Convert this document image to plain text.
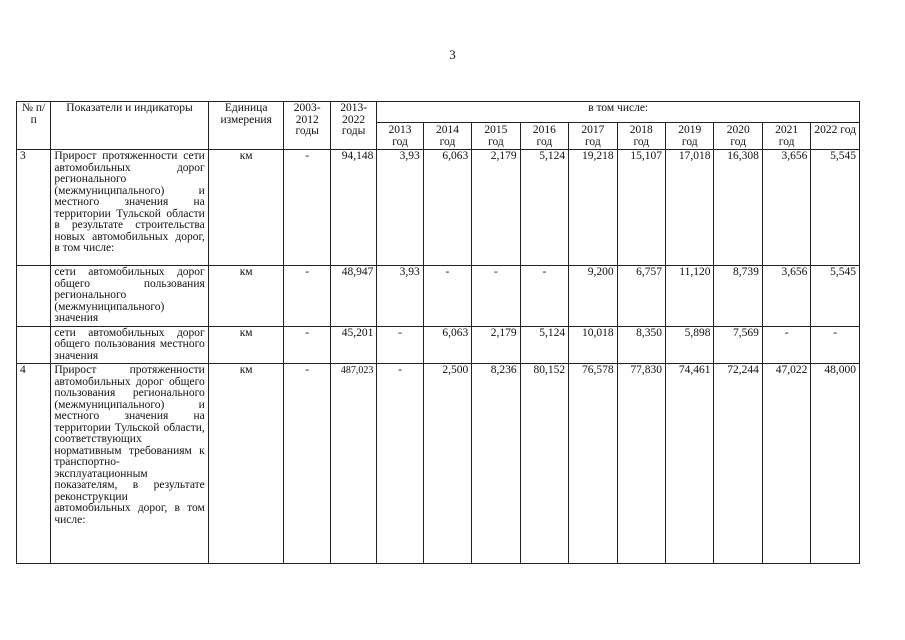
3
№ п/п	Показатели и индикаторы	Единица измерения	2003-2012 годы	2013-2022 годы	в том числе:									
					2013 год	2014 год	2015 год	2016 год	2017 год	2018 год	2019 год	2020 год	2021 год	2022 год
3	Прирост протяженности сети автомобильных дорог регионального (межмуниципального) и местного значения на территории Тульской области в результате строительства новых автомобильных дорог, в том числе:	км	-	94,148	3,93	6,063	2,179	5,124	19,218	15,107	17,018	16,308	3,656	5,545
	сети автомобильных дорог общего пользования регионального (межмуниципального) значения	км	-	48,947	3,93	-	-	-	9,200	6,757	11,120	8,739	3,656	5,545
	сети автомобильных дорог общего пользования местного значения	км	-	45,201	-	6,063	2,179	5,124	10,018	8,350	5,898	7,569	-	-
4	Прирост протяженности автомобильных дорог общего пользования регионального (межмуниципального) и местного значения на территории Тульской области, соответствующих нормативным требованиям к транспортно-эксплуатационным показателям, в результате реконструкции автомобильных дорог, в том числе:	км	-	487,023	-	2,500	8,236	80,152	76,578	77,830	74,461	72,244	47,022	48,000
